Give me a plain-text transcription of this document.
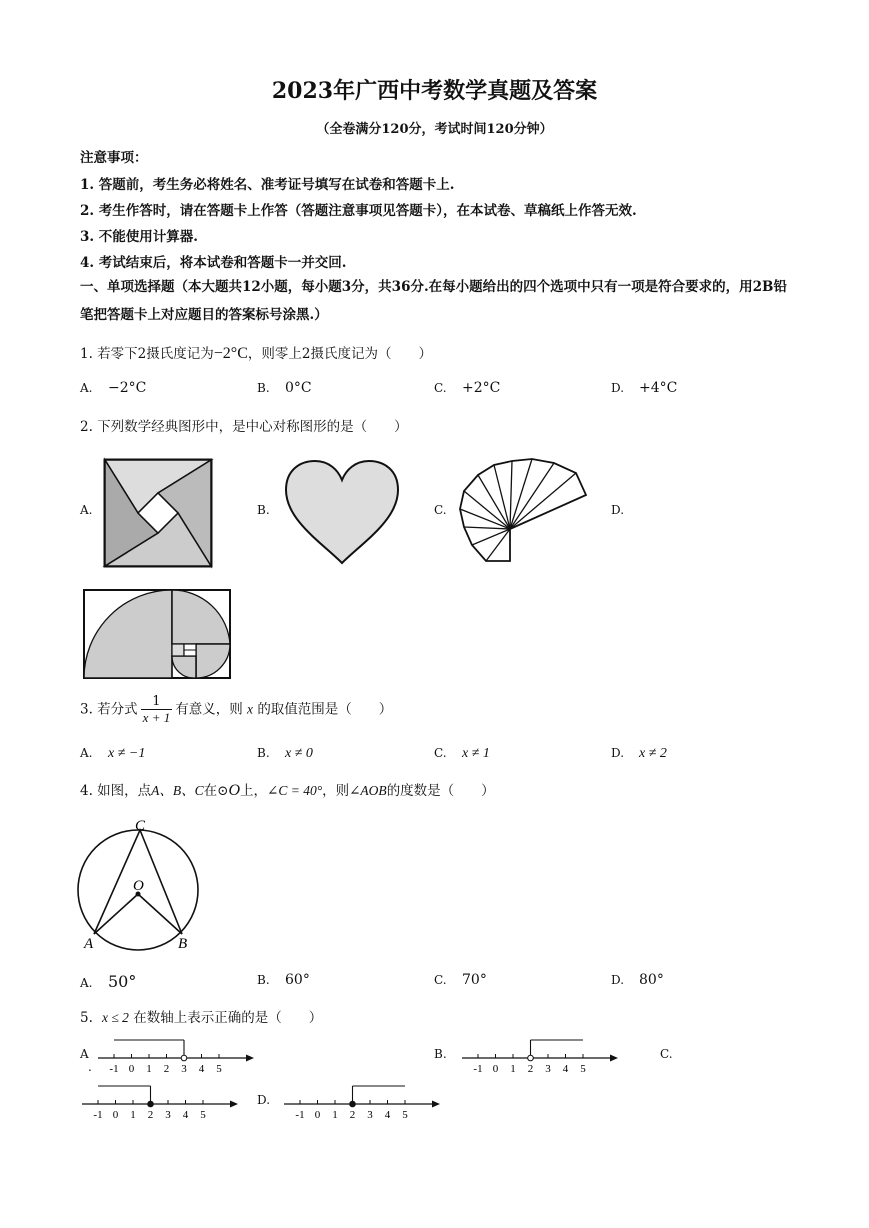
2023年广西中考数学真题及答案
（全卷满分120分，考试时间120分钟）
注意事项：
1. 答题前，考生务必将姓名、准考证号填写在试卷和答题卡上.
2. 考生作答时，请在答题卡上作答（答题注意事项见答题卡），在本试卷、草稿纸上作答无效.
3. 不能使用计算器.
4. 考试结束后，将本试卷和答题卡一并交回.
一、单项选择题（本大题共12小题，每小题3分，共36分.在每小题给出的四个选项中只有一项是符合要求的，用2B铅笔把答题卡上对应题目的答案标号涂黑.）
1. 若零下2摄氏度记为−2°C，则零上2摄氏度记为（　　）
A. −2°C	B. 0°C	C. +2°C	D. +4°C
2. 下列数学经典图形中，是中心对称图形的是（　　）
A.	B.	C.	D.
3. 若分式 $\frac{1}{x + 1}$ 有意义，则 x 的取值范围是（　　）
A. x ≠ −1	B. x ≠ 0	C. x ≠ 1	D. x ≠ 2
4. 如图，点A、B、C在⊙O上，∠C = 40°，则∠AOB的度数是（　　）
C
O
A	B
A. 50°	B. 60°	C. 70°	D. 80°
5. x ≤ 2 在数轴上表示正确的是（　　）
A
. -1 0 1 2 3 4 5
B.
-1 0 1 2 3 4 5
C.
-1 0 1 2 3 4 5
D.
-1 0 1 2 3 4 5
